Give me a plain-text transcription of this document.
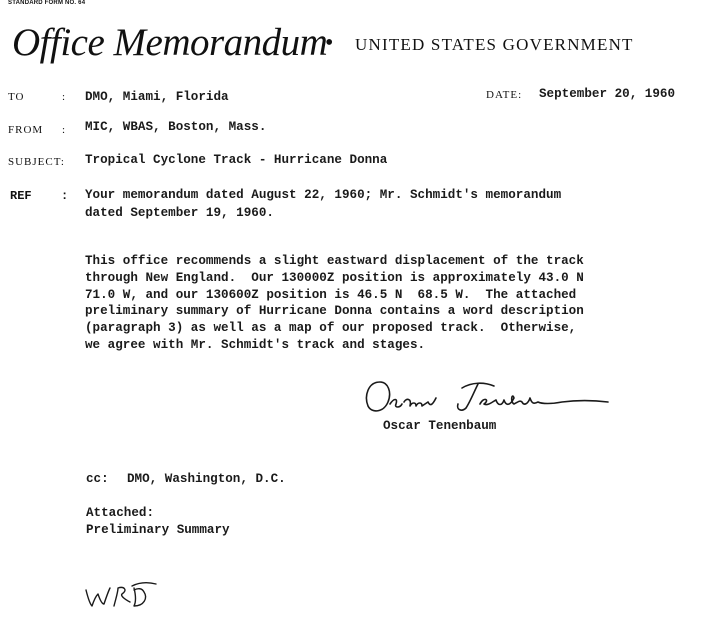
STANDARD FORM NO. 64
Office Memorandum
• UNITED STATES GOVERNMENT
TO	: DMO, Miami, Florida	DATE: September 20, 1960
FROM : MIC, WBAS, Boston, Mass.
SUBJECT: Tropical Cyclone Track - Hurricane Donna
REF : Your memorandum dated August 22, 1960; Mr. Schmidt's memorandum
dated September 19, 1960.
This office recommends a slight eastward displacement of the track
through New England.  Our 130000Z position is approximately 43.0 N
71.0 W, and our 130600Z position is 46.5 N  68.5 W.  The attached
preliminary summary of Hurricane Donna contains a word description
(paragraph 3) as well as a map of our proposed track.  Otherwise,
we agree with Mr. Schmidt's track and stages.
Oscar Tenenbaum
cc: DMO, Washington, D.C.
Attached:
Preliminary Summary
